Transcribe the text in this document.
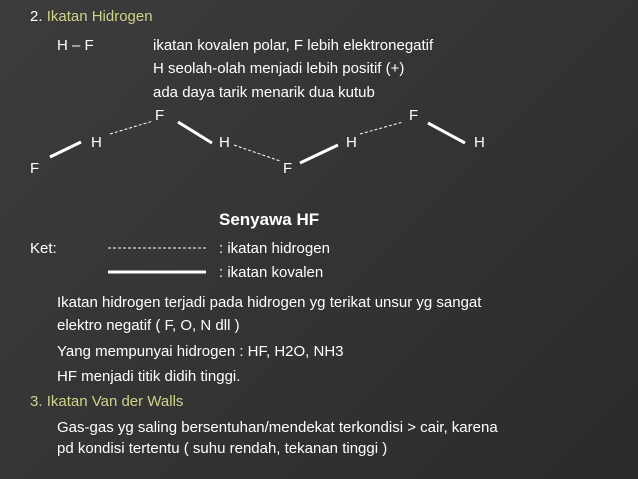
2. Ikatan Hidrogen
H – F	ikatan kovalen polar, F lebih elektronegatif
H seolah-olah menjadi lebih positif (+)
ada daya tarik menarik dua kutub
F
H
F
H
F
H
F
H
Senyawa HF
Ket:	: ikatan hidrogen
: ikatan kovalen
Ikatan hidrogen terjadi pada hidrogen yg terikat unsur yg sangat
elektro negatif ( F, O, N dll )
Yang mempunyai hidrogen : HF, H2O, NH3
HF menjadi titik didih tinggi.
3. Ikatan Van der Walls
Gas-gas yg saling bersentuhan/mendekat terkondisi > cair, karena
pd kondisi tertentu ( suhu rendah, tekanan tinggi )
